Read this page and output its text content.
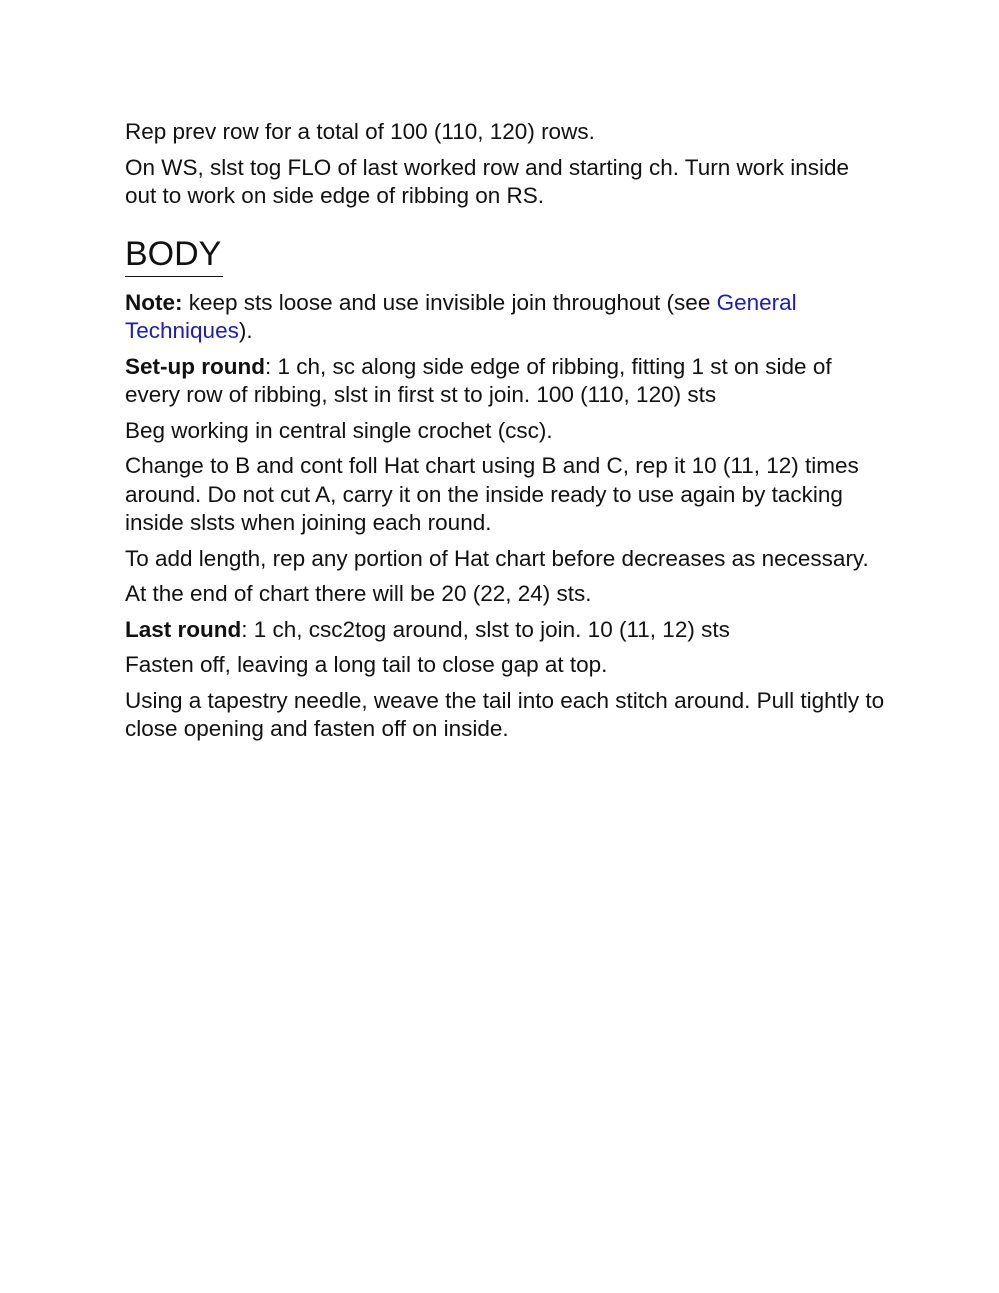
Rep prev row for a total of 100 (110, 120) rows.

On WS, slst tog FLO of last worked row and starting ch. Turn work inside out to work on side edge of ribbing on RS.

BODY

Note: keep sts loose and use invisible join throughout (see General Techniques).

Set-up round: 1 ch, sc along side edge of ribbing, fitting 1 st on side of every row of ribbing, slst in first st to join. 100 (110, 120) sts

Beg working in central single crochet (csc).

Change to B and cont foll Hat chart using B and C, rep it 10 (11, 12) times around. Do not cut A, carry it on the inside ready to use again by tacking inside slsts when joining each round.

To add length, rep any portion of Hat chart before decreases as necessary.

At the end of chart there will be 20 (22, 24) sts.

Last round: 1 ch, csc2tog around, slst to join. 10 (11, 12) sts

Fasten off, leaving a long tail to close gap at top.

Using a tapestry needle, weave the tail into each stitch around. Pull tightly to close opening and fasten off on inside.
